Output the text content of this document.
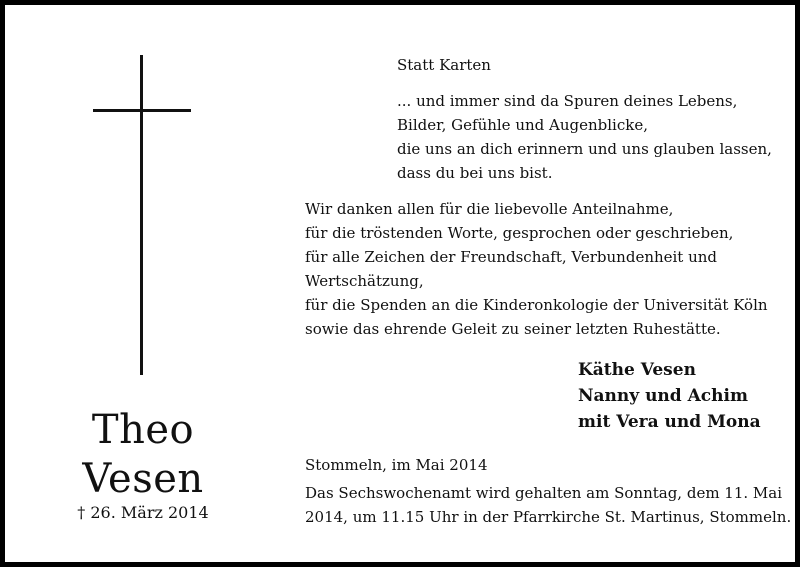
Theo
Vesen
† 26. März 2014
Statt Karten
... und immer sind da Spuren deines Lebens,
Bilder, Gefühle und Augenblicke,
die uns an dich erinnern und uns glauben lassen,
dass du bei uns bist.
Wir danken allen für die liebevolle Anteilnahme,
für die tröstenden Worte, gesprochen oder geschrieben,
für alle Zeichen der Freundschaft, Verbundenheit und
Wertschätzung,
für die Spenden an die Kinderonkologie der Universität Köln
sowie das ehrende Geleit zu seiner letzten Ruhestätte.
Käthe Vesen
Nanny und Achim
mit Vera und Mona
Stommeln, im Mai 2014
Das Sechswochenamt wird gehalten am Sonntag, dem 11. Mai
2014, um 11.15 Uhr in der Pfarrkirche St. Martinus, Stommeln.
